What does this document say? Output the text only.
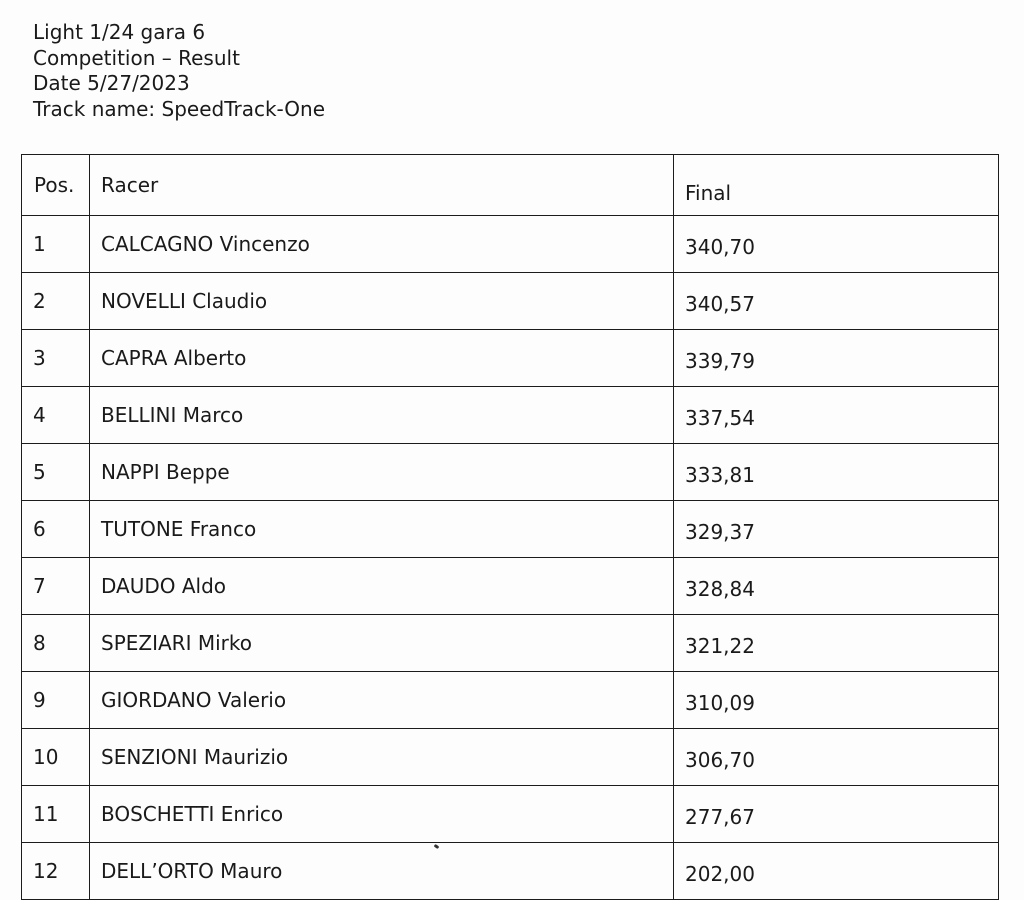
Light 1/24 gara 6
Competition – Result
Date 5/27/2023
Track name: SpeedTrack-One
Pos.	Racer	Final
1	CALCAGNO Vincenzo	340,70
2	NOVELLI Claudio	340,57
3	CAPRA Alberto	339,79
4	BELLINI Marco	337,54
5	NAPPI Beppe	333,81
6	TUTONE Franco	329,37
7	DAUDO Aldo	328,84
8	SPEZIARI Mirko	321,22
9	GIORDANO Valerio	310,09
10	SENZIONI Maurizio	306,70
11	BOSCHETTI Enrico	277,67
12	DELL’ORTO Mauro	202,00
